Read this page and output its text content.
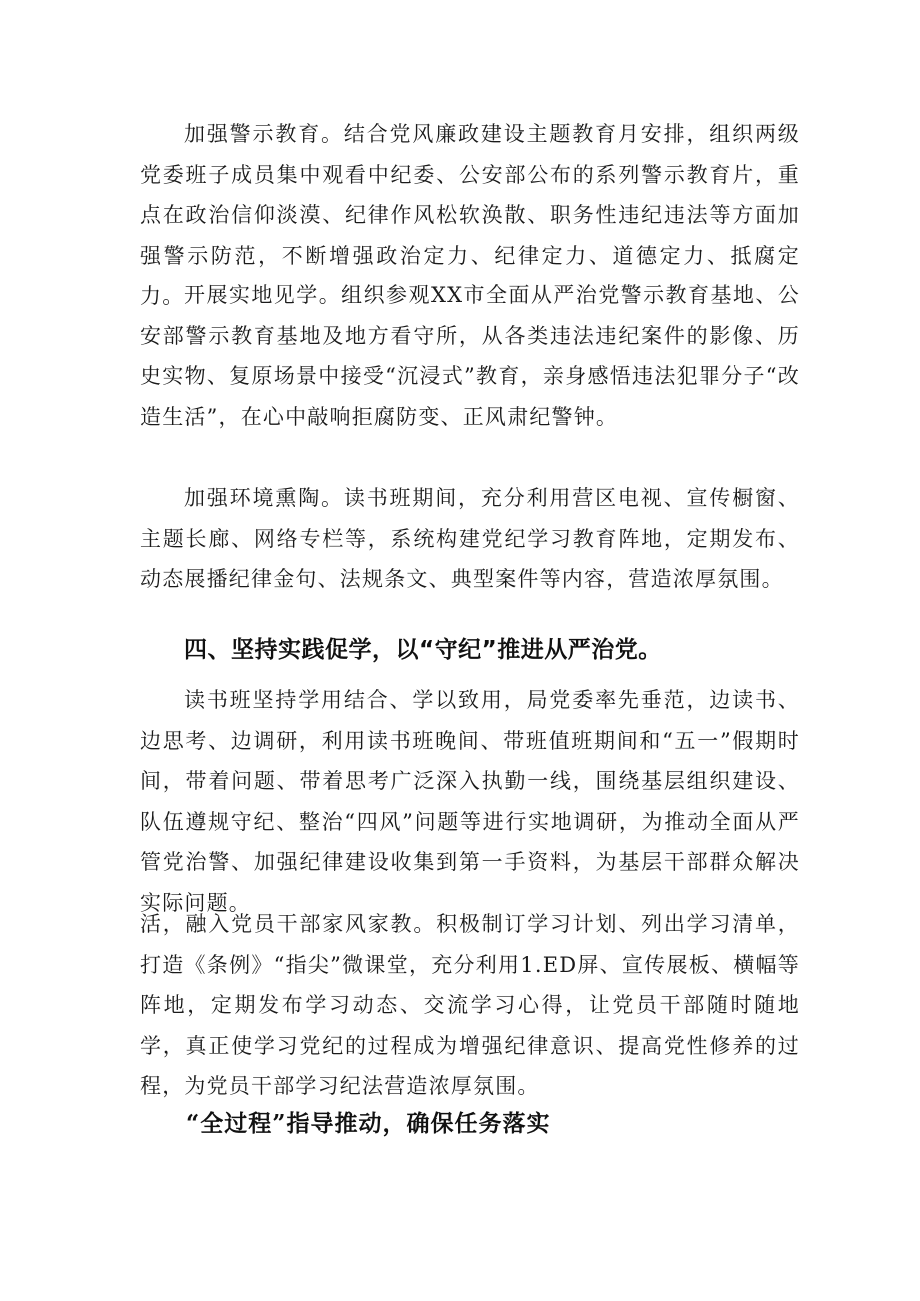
加强警示教育。结合党风廉政建设主题教育月安排，组织两级党委班子成员集中观看中纪委、公安部公布的系列警示教育片，重点在政治信仰淡漠、纪律作风松软涣散、职务性违纪违法等方面加强警示防范，不断增强政治定力、纪律定力、道德定力、抵腐定力。 开展实地见学。组织参观XX市全面从严治党警示教育基地、公安部警示教育基地及地方看守所，从各类违法违纪案件的影像、历史实物、复原场景中接受“沉浸式”教育，亲身感悟违法犯罪分子“改造生活”，在心中敲响拒腐防变、正风肃纪警钟。

加强环境熏陶。读书班期间，充分利用营区电视、宣传橱窗、主题长廊、网络专栏等，系统构建党纪学习教育阵地，定期发布、动态展播纪律金句、法规条文、典型案件等内容，营造浓厚氛围。

四、坚持实践促学，以“守纪”推进从严治党。

读书班坚持学用结合、学以致用，局党委率先垂范，边读书、边思考、边调研，利用读书班晚间、带班值班期间和“五一”假期时间，带着问题、带着思考广泛深入执勤一线，围绕基层组织建设、队伍遵规守纪、整治“四风”问题等进行实地调研，为推动全面从严管党治警、加强纪律建设收集到第一手资料，为基层干部群众解决实际问题。

活，融入党员干部家风家教。积极制订学习计划、列出学习清单，打造《条例》“指尖”微课堂，充分利用1.ED屏、宣传展板、横幅等阵地，定期发布学习动态、交流学习心得，让党员干部随时随地学，真正使学习党纪的过程成为增强纪律意识、提高党性修养的过程，为党员干部学习纪法营造浓厚氛围。

“全过程”指导推动，确保任务落实
